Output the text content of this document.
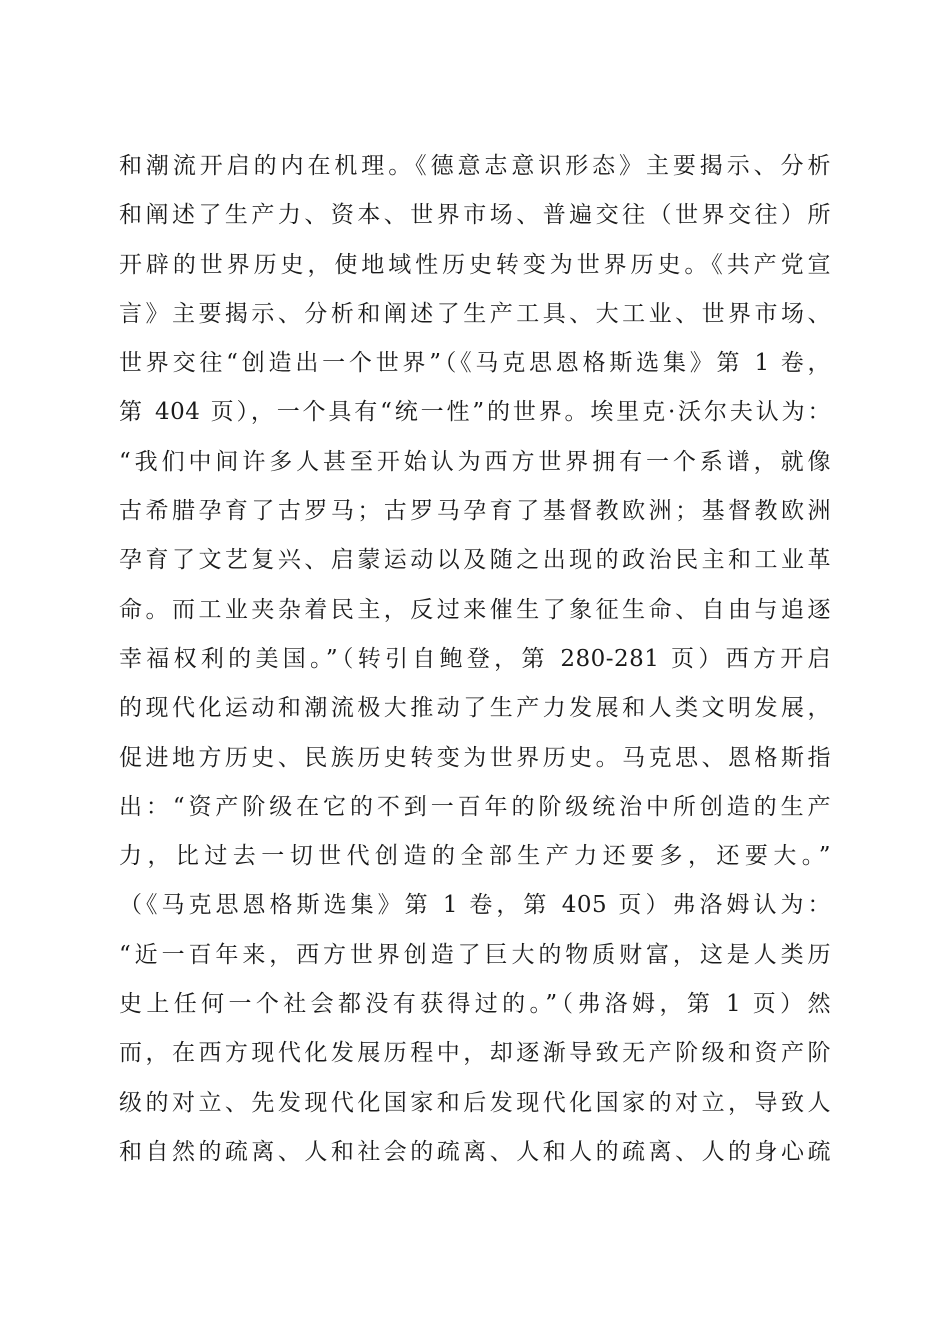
和潮流开启的内在机理。《德意志意识形态》主要揭示、分析
和阐述了生产力、资本、世界市场、普遍交往（世界交往）所
开辟的世界历史，使地域性历史转变为世界历史。《共产党宣
言》主要揭示、分析和阐述了生产工具、大工业、世界市场、
世界交往“创造出一个世界”（《马克思恩格斯选集》第 1 卷，
第 404 页），一个具有“统一性”的世界。埃里克·沃尔夫认为：
“我们中间许多人甚至开始认为西方世界拥有一个系谱，就像
古希腊孕育了古罗马；古罗马孕育了基督教欧洲；基督教欧洲
孕育了文艺复兴、启蒙运动以及随之出现的政治民主和工业革
命。而工业夹杂着民主，反过来催生了象征生命、自由与追逐
幸福权利的美国。”（转引自鲍登，第 280-281 页）西方开启
的现代化运动和潮流极大推动了生产力发展和人类文明发展，
促进地方历史、民族历史转变为世界历史。马克思、恩格斯指
出：“资产阶级在它的不到一百年的阶级统治中所创造的生产
力，比过去一切世代创造的全部生产力还要多，还要大。”
（《马克思恩格斯选集》第 1 卷，第 405 页）弗洛姆认为：
“近一百年来，西方世界创造了巨大的物质财富，这是人类历
史上任何一个社会都没有获得过的。”（弗洛姆，第 1 页）然
而，在西方现代化发展历程中，却逐渐导致无产阶级和资产阶
级的对立、先发现代化国家和后发现代化国家的对立，导致人
和自然的疏离、人和社会的疏离、人和人的疏离、人的身心疏
